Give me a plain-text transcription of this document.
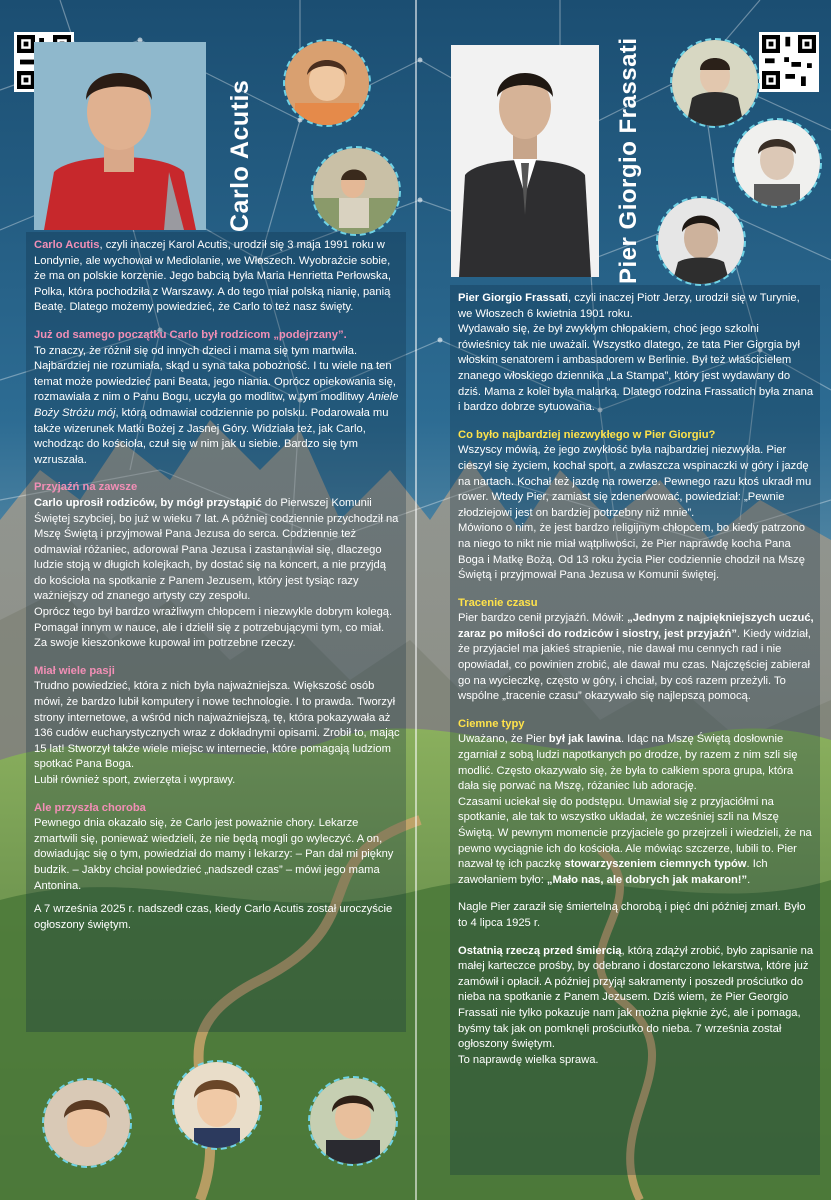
Carlo Acutis	Pier Giorgio Frassati

Carlo Acutis, czyli inaczej Karol Acutis, urodził się 3 maja 1991 roku w Londynie, ale wychował w Mediolanie, we Włoszech. Wyobraźcie sobie, że ma on polskie korzenie. Jego babcią była Maria Henrietta Perłowska, Polka, która pochodziła z Warszawy. A do tego miał polską nianię, panią Beatę. Dlatego możemy powiedzieć, że Carlo to też nasz święty.

Już od samego początku Carlo był rodzicom „podejrzany”.

To znaczy, że różnił się od innych dzieci i mama się tym martwiła. Najbardziej nie rozumiała, skąd u syna taka pobożność. I tu wiele na ten temat może powiedzieć pani Beata, jego niania. Oprócz opiekowania się, rozmawiała z nim o Panu Bogu, uczyła go modlitw, w tym modlitwy Aniele Boży Stróżu mój, którą odmawiał codziennie po polsku. Podarowała mu także wizerunek Matki Bożej z Jasnej Góry. Widziała też, jak Carlo, wchodząc do kościoła, czuł się w nim jak u siebie. Bardzo się tym wzruszała.

Przyjaźń na zawsze

Carlo uprosił rodziców, by mógł przystąpić do Pierwszej Komunii Świętej szybciej, bo już w wieku 7 lat. A później codziennie przychodził na Mszę Świętą i przyjmował Pana Jezusa do serca. Codziennie też odmawiał różaniec, adorował Pana Jezusa i zastanawiał się, dlaczego ludzie stoją w długich kolejkach, by dostać się na koncert, a nie przyjdą do kościoła na spotkanie z Panem Jezusem, który jest tysiąc razy ważniejszy od znanego artysty czy zespołu.

Oprócz tego był bardzo wrażliwym chłopcem i niezwykle dobrym kolegą. Pomagał innym w nauce, ale i dzielił się z potrzebującymi tym, co miał. Za swoje kieszonkowe kupował im potrzebne rzeczy.

Miał wiele pasji

Trudno powiedzieć, która z nich była najważniejsza. Większość osób mówi, że bardzo lubił komputery i nowe technologie. I to prawda. Tworzył strony internetowe, a wśród nich najważniejszą, tę, która pokazywała aż 136 cudów eucharystycznych wraz z dokładnymi opisami. Zrobił to, mając 15 lat! Stworzył także wiele miejsc w internecie, które pomagają ludziom spotkać Pana Boga.

Lubił również sport, zwierzęta i wyprawy.

Ale przyszła choroba

Pewnego dnia okazało się, że Carlo jest poważnie chory. Lekarze zmartwili się, ponieważ wiedzieli, że nie będą mogli go wyleczyć. A on, dowiadując się o tym, powiedział do mamy i lekarzy: – Pan dał mi piękny budzik. – Jakby chciał powiedzieć „nadszedł czas” – mówi jego mama Antonina.

A 7 września 2025 r. nadszedł czas, kiedy Carlo Acutis został uroczyście ogłoszony świętym.

Pier Giorgio Frassati, czyli inaczej Piotr Jerzy, urodził się w Turynie, we Włoszech 6 kwietnia 1901 roku.

Wydawało się, że był zwykłym chłopakiem, choć jego szkolni rówieśnicy tak nie uważali. Wszystko dlatego, że tata Pier Giorgia był włoskim senatorem i ambasadorem w Berlinie. Był też właścicielem znanego włoskiego dziennika „La Stampa”, który jest wydawany do dziś. Mama z kolei była malarką. Dlatego rodzina Frassatich była znana i bardzo dobrze sytuowana.

Co było najbardziej niezwykłego w Pier Giorgiu?

Wszyscy mówią, że jego zwykłość była najbardziej niezwykła. Pier cieszył się życiem, kochał sport, a zwłaszcza wspinaczki w góry i jazdę na nartach. Kochał też jazdę na rowerze. Pewnego razu ktoś ukradł mu rower. Wtedy Pier, zamiast się zdenerwować, powiedział: „Pewnie złodziejowi jest on bardziej potrzebny niż mnie”.

Mówiono o nim, że jest bardzo religijnym chłopcem, bo kiedy patrzono na niego to nikt nie miał wątpliwości, że Pier naprawdę kocha Pana Boga i Matkę Bożą. Od 13 roku życia Pier codziennie chodził na Mszę Świętą i przyjmował Pana Jezusa w Komunii świętej.

Tracenie czasu

Pier bardzo cenił przyjaźń. Mówił: „Jednym z najpiękniejszych uczuć, zaraz po miłości do rodziców i siostry, jest przyjaźń”. Kiedy widział, że przyjaciel ma jakieś strapienie, nie dawał mu cennych rad i nie opowiadał, co powinien zrobić, ale dawał mu czas. Najczęściej zabierał go na wycieczkę, często w góry, i chciał, by coś razem przeżyli. To wspólne „tracenie czasu” okazywało się najlepszą pomocą.

Ciemne typy

Uważano, że Pier był jak lawina. Idąc na Mszę Świętą dosłownie zgarniał z sobą ludzi napotkanych po drodze, by razem z nim szli się modlić. Często okazywało się, że była to całkiem spora grupa, która dała się porwać na Mszę, różaniec lub adorację.

Czasami uciekał się do podstępu. Umawiał się z przyjaciółmi na spotkanie, ale tak to wszystko układał, że wcześniej szli na Mszę Świętą. W pewnym momencie przyjaciele go przejrzeli i wiedzieli, że na pewno wyciągnie ich do kościoła. Ale mówiąc szczerze, lubili to. Pier nazwał tę ich paczkę stowarzyszeniem ciemnych typów. Ich zawołaniem było: „Mało nas, ale dobrych jak makaron!”.

Nagle Pier zaraził się śmiertelną chorobą i pięć dni później zmarł. Było to 4 lipca 1925 r.

Ostatnią rzeczą przed śmiercią, którą zdążył zrobić, było zapisanie na małej karteczce prośby, by odebrano i dostarczono lekarstwa, które już zamówił i opłacił. A później przyjął sakramenty i poszedł prościutko do nieba na spotkanie z Panem Jezusem. Dziś wiem, że Pier Georgio Frassati nie tylko pokazuje nam jak można pięknie żyć, ale i pomaga, byśmy tak jak on pomknęli prościutko do nieba. 7 września został ogłoszony świętym.

To naprawdę wielka sprawa.
